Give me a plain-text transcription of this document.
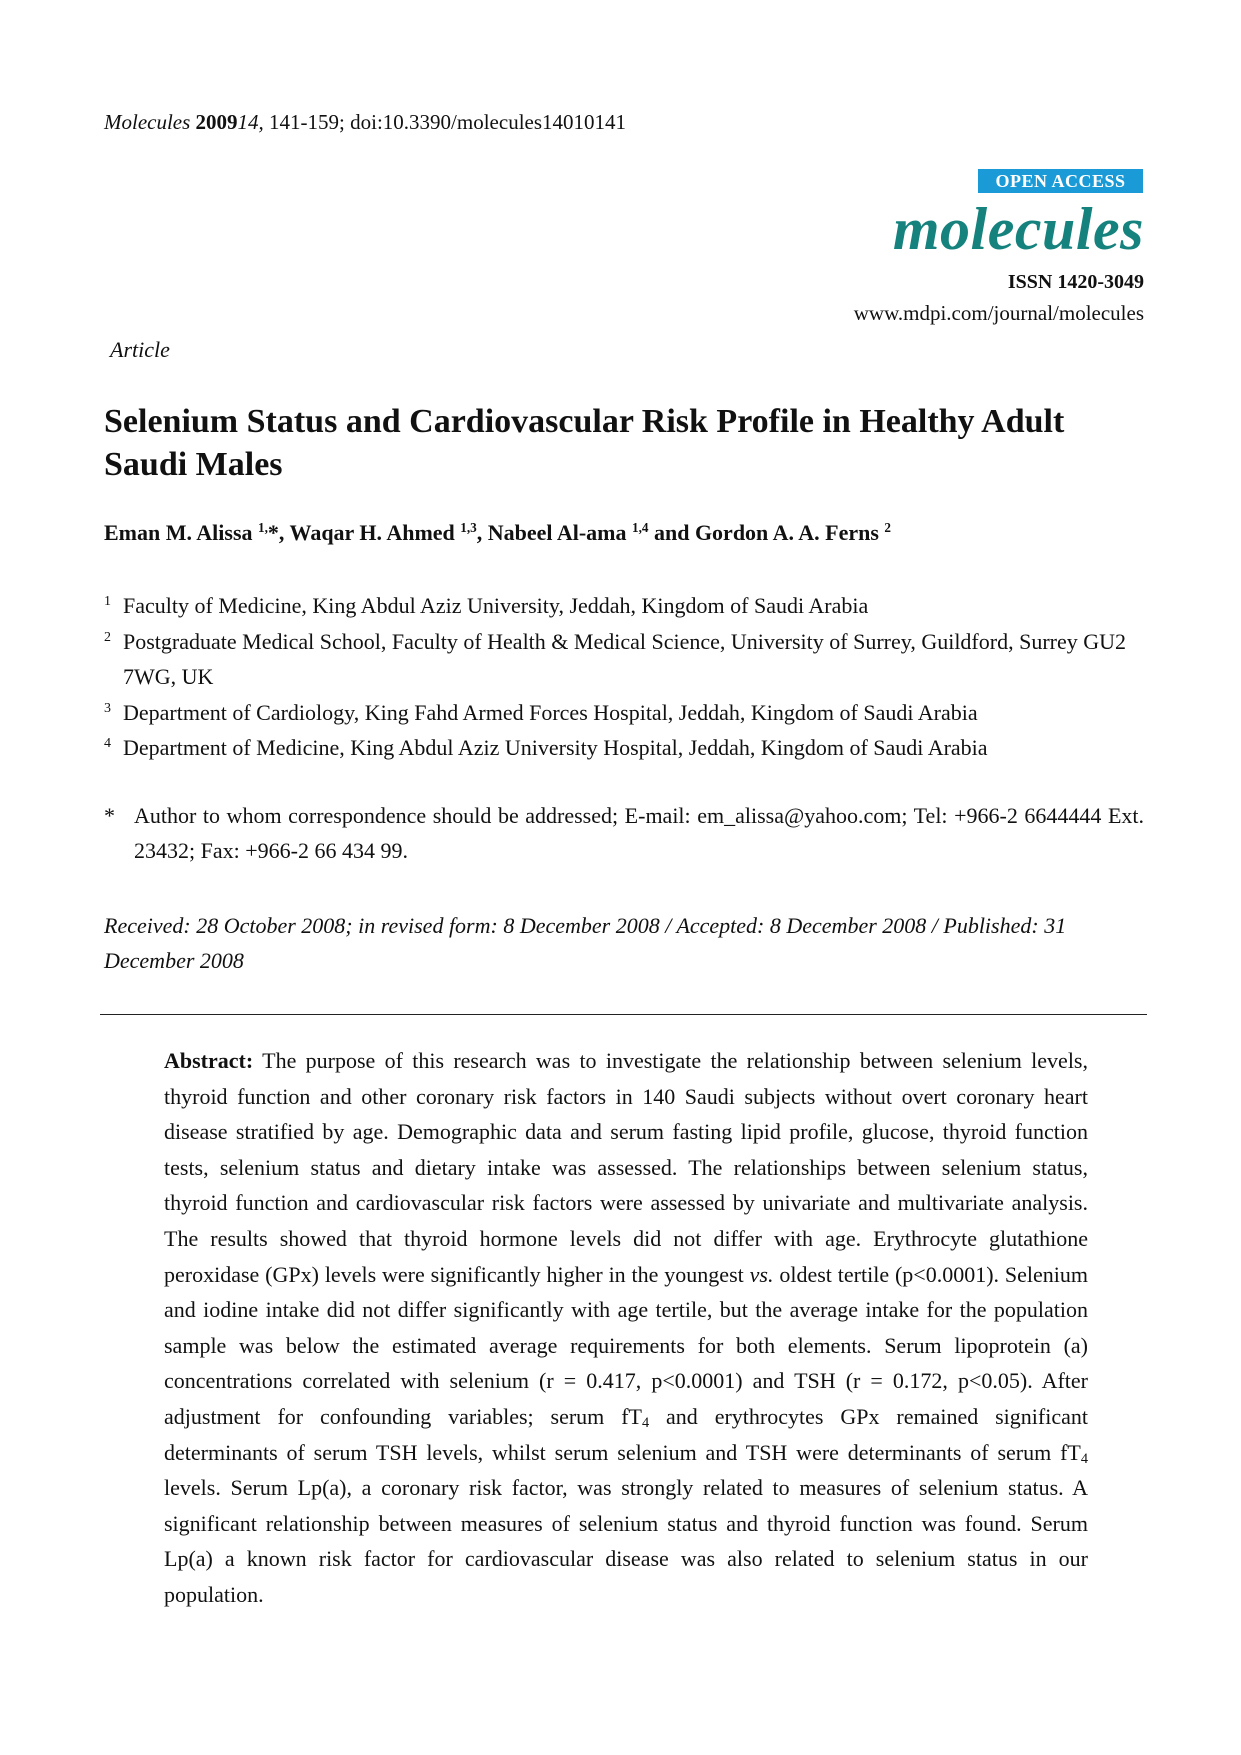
Molecules 200914, 141-159; doi:10.3390/molecules14010141
OPEN ACCESS
molecules
ISSN 1420-3049
www.mdpi.com/journal/molecules
Article
Selenium Status and Cardiovascular Risk Profile in Healthy Adult Saudi Males
Eman M. Alissa $^{1,}$*, Waqar H. Ahmed $^{1,3}$, Nabeel Al-ama $^{1,4}$ and Gordon A. A. Ferns $^2$
1 Faculty of Medicine, King Abdul Aziz University, Jeddah, Kingdom of Saudi Arabia
2 Postgraduate Medical School, Faculty of Health & Medical Science, University of Surrey, Guildford, Surrey GU2 7WG, UK
3 Department of Cardiology, King Fahd Armed Forces Hospital, Jeddah, Kingdom of Saudi Arabia
4 Department of Medicine, King Abdul Aziz University Hospital, Jeddah, Kingdom of Saudi Arabia
* Author to whom correspondence should be addressed; E-mail: em_alissa@yahoo.com; Tel: +966-2 6644444 Ext. 23432; Fax: +966-2 66 434 99.
Received: 28 October 2008; in revised form: 8 December 2008 / Accepted: 8 December 2008 / Published: 31 December 2008

Abstract: The purpose of this research was to investigate the relationship between selenium levels, thyroid function and other coronary risk factors in 140 Saudi subjects without overt coronary heart disease stratified by age. Demographic data and serum fasting lipid profile, glucose, thyroid function tests, selenium status and dietary intake was assessed. The relationships between selenium status, thyroid function and cardiovascular risk factors were assessed by univariate and multivariate analysis. The results showed that thyroid hormone levels did not differ with age. Erythrocyte glutathione peroxidase (GPx) levels were significantly higher in the youngest vs. oldest tertile (p<0.0001). Selenium and iodine intake did not differ significantly with age tertile, but the average intake for the population sample was below the estimated average requirements for both elements. Serum lipoprotein (a) concentrations correlated with selenium (r = 0.417, p<0.0001) and TSH (r = 0.172, p<0.05). After adjustment for confounding variables; serum $fT_4$ and erythrocytes GPx remained significant determinants of serum TSH levels, whilst serum selenium and TSH were determinants of serum $fT_4$ levels. Serum Lp(a), a coronary risk factor, was strongly related to measures of selenium status. A significant relationship between measures of selenium status and thyroid function was found. Serum Lp(a) a known risk factor for cardiovascular disease was also related to selenium status in our population.
